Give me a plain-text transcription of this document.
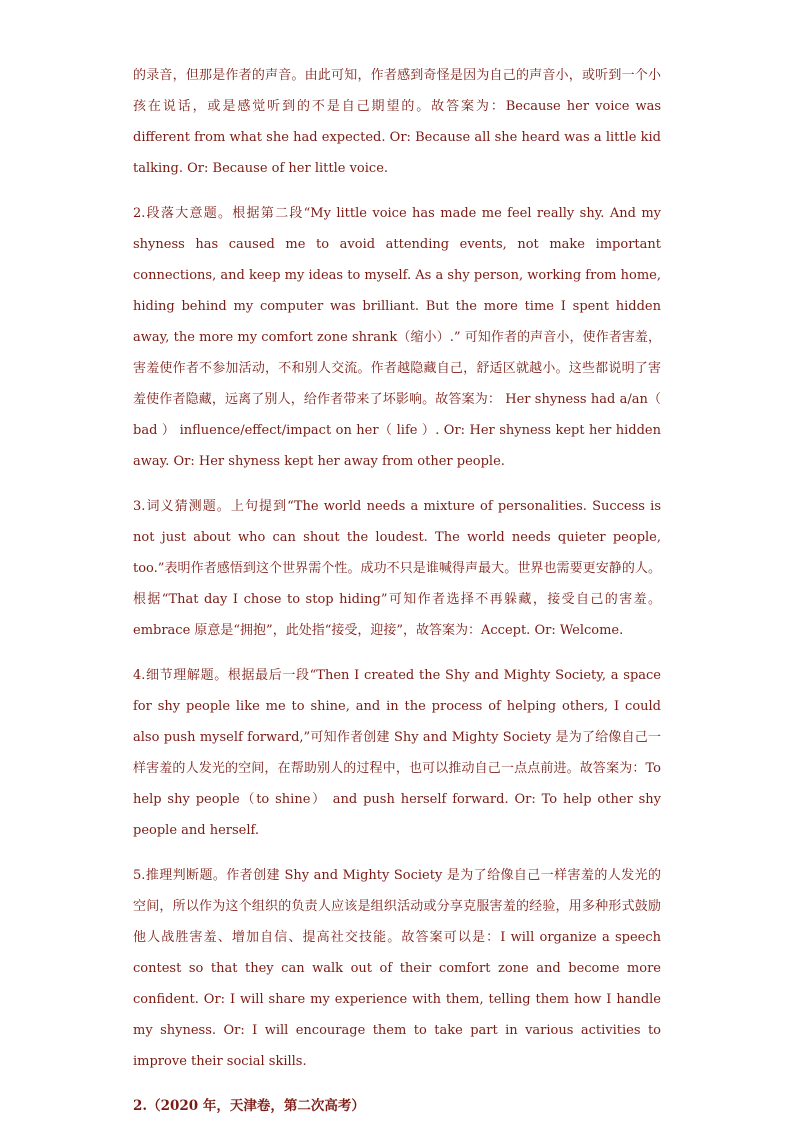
的录音，但那是作者的声音。由此可知，作者感到奇怪是因为自己的声音小，或听到一个小孩在说话，或是感觉听到的不是自己期望的。故答案为：Because her voice was different from what she had expected. Or: Because all she heard was a little kid talking. Or: Because of her little voice.

2.段落大意题。根据第二段“My little voice has made me feel really shy. And my shyness has caused me to avoid attending events, not make important connections, and keep my ideas to myself. As a shy person, working from home, hiding behind my computer was brilliant. But the more time I spent hidden away, the more my comfort zone shrank（缩小）.” 可知作者的声音小，使作者害羞，害羞使作者不参加活动，不和别人交流。作者越隐藏自己，舒适区就越小。这些都说明了害羞使作者隐藏，远离了别人，给作者带来了坏影响。故答案为： Her shyness had a/an（ bad ） influence/effect/impact on her（ life ）. Or: Her shyness kept her hidden away. Or: Her shyness kept her away from other people.

3.词义猜测题。上句提到“The world needs a mixture of personalities. Success is not just about who can shout the loudest. The world needs quieter people, too.”表明作者感悟到这个世界需个性。成功不只是谁喊得声最大。世界也需要更安静的人。根据“That day I chose to stop hiding”可知作者选择不再躲藏，接受自己的害羞。embrace 原意是“拥抱”，此处指“接受，迎接”，故答案为：Accept. Or: Welcome.

4.细节理解题。根据最后一段“Then I created the Shy and Mighty Society, a space for shy people like me to shine, and in the process of helping others, I could also push myself forward,”可知作者创建 Shy and Mighty Society 是为了给像自己一样害羞的人发光的空间，在帮助别人的过程中，也可以推动自己一点点前进。故答案为：To help shy people（to shine） and push herself forward. Or: To help other shy people and herself.

5.推理判断题。作者创建 Shy and Mighty Society 是为了给像自己一样害羞的人发光的空间，所以作为这个组织的负责人应该是组织活动或分享克服害羞的经验，用多种形式鼓励他人战胜害羞、增加自信、提高社交技能。故答案可以是：I will organize a speech contest so that they can walk out of their comfort zone and become more confident. Or: I will share my experience with them, telling them how I handle my shyness. Or: I will encourage them to take part in various activities to improve their social skills.

2.（2020 年，天津卷，第二次高考）
